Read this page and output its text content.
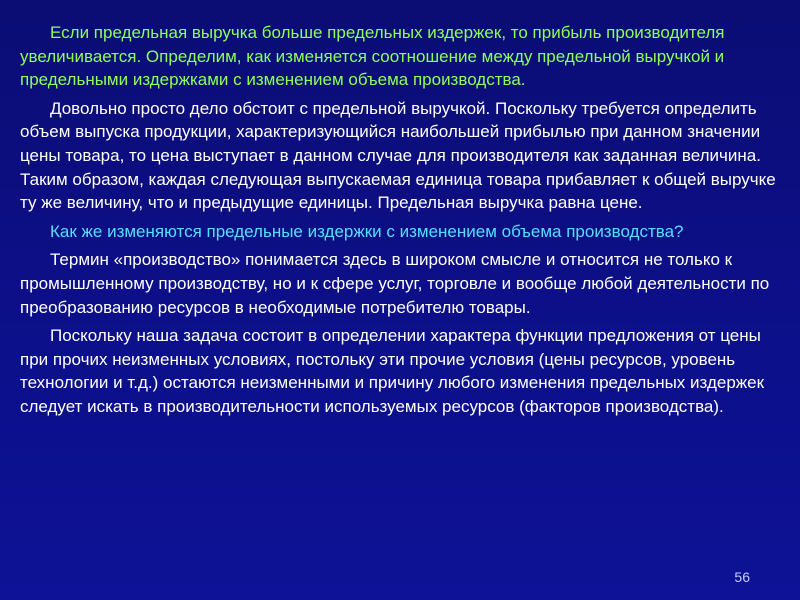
Если предельная выручка больше предельных издержек, то прибыль производителя увеличивается. Определим, как изменяется соотношение между предельной выручкой и предельными издержками с изменением объема производства.

Довольно просто дело обстоит с предельной выручкой. Поскольку требуется определить объем выпуска продукции, характеризующийся наибольшей прибылью при данном значении цены товара, то цена выступает в данном случае для производителя как заданная величина. Таким образом, каждая следующая выпускаемая единица товара прибавляет к общей выручке ту же величину, что и предыдущие единицы. Предельная выручка равна цене.

Как же изменяются предельные издержки с изменением объема производства?

Термин «производство» понимается здесь в широком смысле и относится не только к промышленному производству, но и к сфере услуг, торговле и вообще любой деятельности по преобразованию ресурсов в необходимые потребителю товары.

Поскольку наша задача состоит в определении характера функции предложения от цены при прочих неизменных условиях, постольку эти прочие условия (цены ресурсов, уровень технологии и т.д.) остаются неизменными и причину любого изменения предельных издержек следует искать в производительности используемых ресурсов (факторов производства).

56
